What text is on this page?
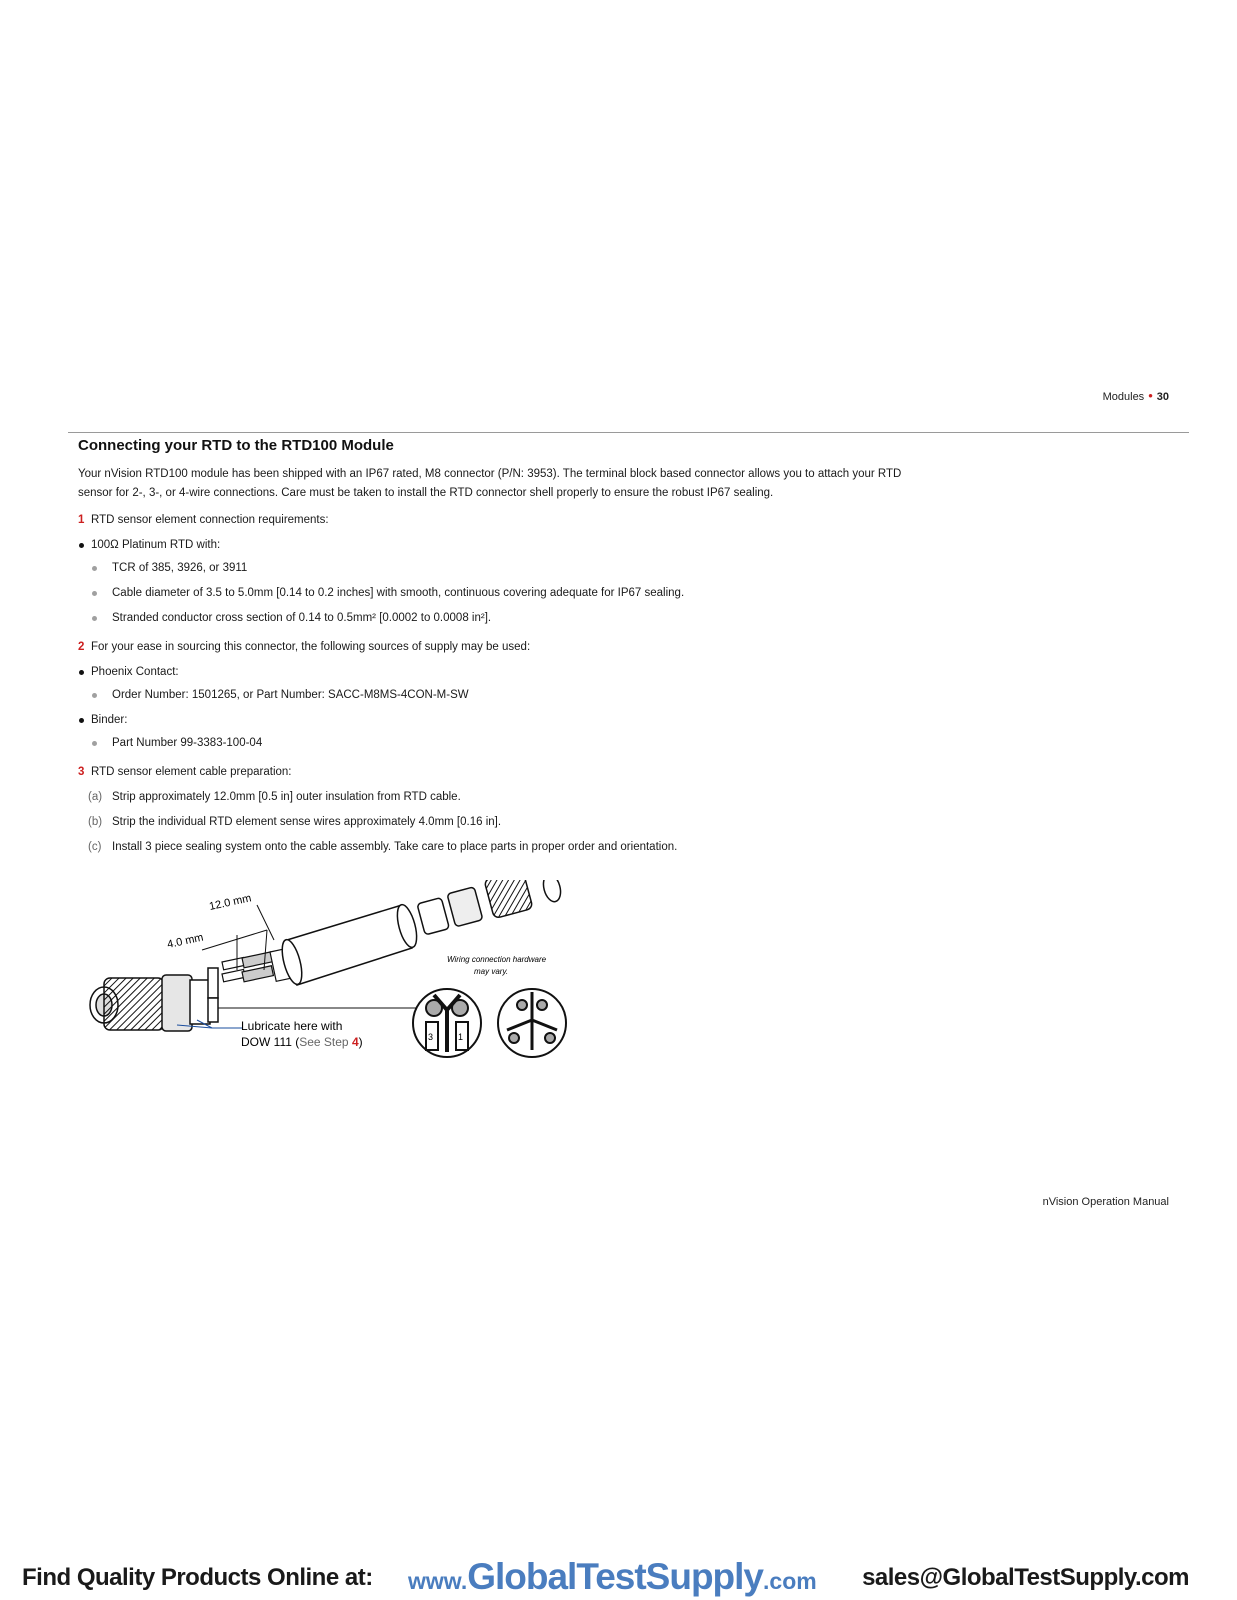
Modules • 30
Connecting your RTD to the RTD100 Module

Your nVision RTD100 module has been shipped with an IP67 rated, M8 connector (P/N: 3953). The terminal block based connector allows you to attach your RTD sensor for 2-, 3-, or 4-wire connections. Care must be taken to install the RTD connector shell properly to ensure the robust IP67 sealing.

1 RTD sensor element connection requirements:
100Ω Platinum RTD with:
TCR of 385, 3926, or 3911
Cable diameter of 3.5 to 5.0mm [0.14 to 0.2 inches] with smooth, continuous covering adequate for IP67 sealing.
Stranded conductor cross section of 0.14 to 0.5mm² [0.0002 to 0.0008 in²].
2 For your ease in sourcing this connector, the following sources of supply may be used:
Phoenix Contact:
Order Number: 1501265, or Part Number: SACC-M8MS-4CON-M-SW
Binder:
Part Number 99-3383-100-04
3 RTD sensor element cable preparation:
(a) Strip approximately 12.0mm [0.5 in] outer insulation from RTD cable.
(b) Strip the individual RTD element sense wires approximately 4.0mm [0.16 in].
(c) Install 3 piece sealing system onto the cable assembly. Take care to place parts in proper order and orientation.
12.0 mm
4.0 mm
3	1
Wiring connection hardware
may vary.
Lubricate here with
DOW 111 (See Step 4)
nVision Operation Manual
Find Quality Products Online at: www.GlobalTestSupply.com sales@GlobalTestSupply.com
